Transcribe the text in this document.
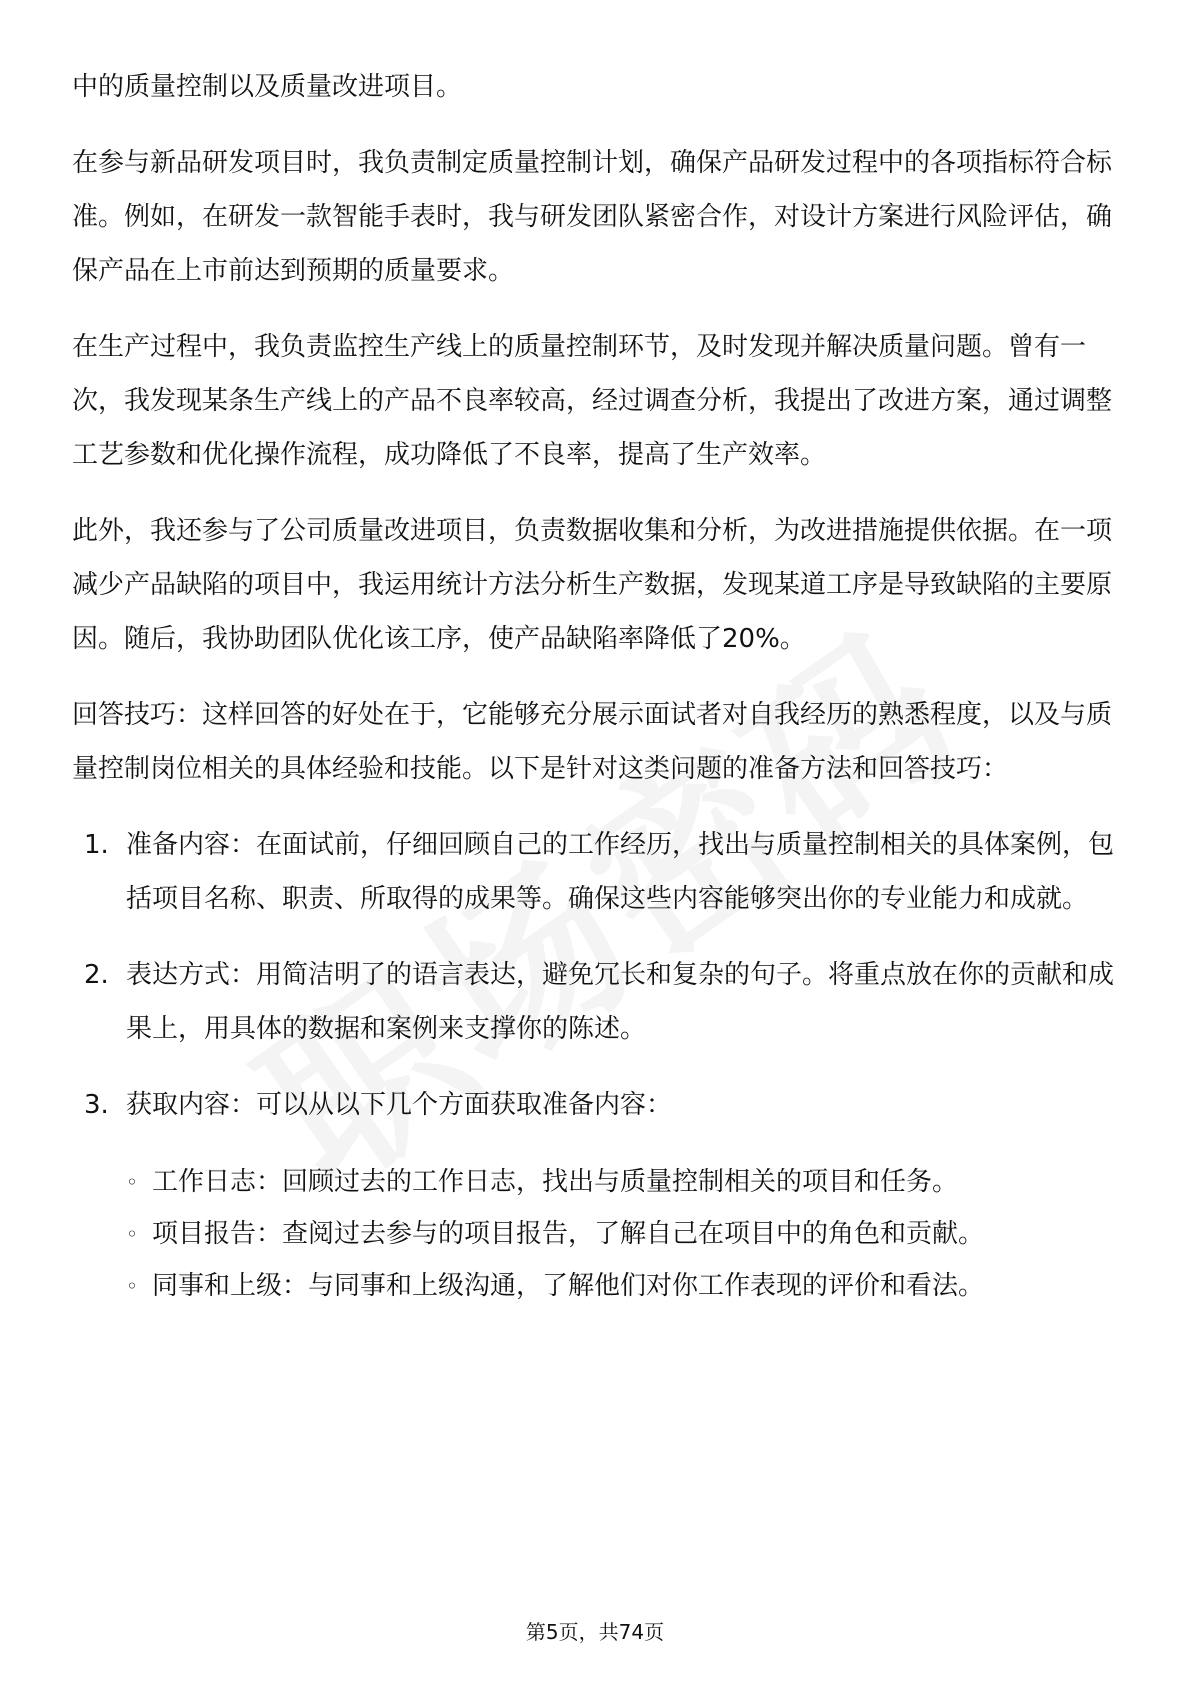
中的质量控制以及质量改进项目。

在参与新品研发项目时，我负责制定质量控制计划，确保产品研发过程中的各项指标符合标准。例如，在研发一款智能手表时，我与研发团队紧密合作，对设计方案进行风险评估，确保产品在上市前达到预期的质量要求。

在生产过程中，我负责监控生产线上的质量控制环节，及时发现并解决质量问题。曾有一次，我发现某条生产线上的产品不良率较高，经过调查分析，我提出了改进方案，通过调整工艺参数和优化操作流程，成功降低了不良率，提高了生产效率。

此外，我还参与了公司质量改进项目，负责数据收集和分析，为改进措施提供依据。在一项减少产品缺陷的项目中，我运用统计方法分析生产数据，发现某道工序是导致缺陷的主要原因。随后，我协助团队优化该工序，使产品缺陷率降低了20%。

回答技巧：这样回答的好处在于，它能够充分展示面试者对自我经历的熟悉程度，以及与质量控制岗位相关的具体经验和技能。以下是针对这类问题的准备方法和回答技巧：

1. 准备内容：在面试前，仔细回顾自己的工作经历，找出与质量控制相关的具体案例，包括项目名称、职责、所取得的成果等。确保这些内容能够突出你的专业能力和成就。
2. 表达方式：用简洁明了的语言表达，避免冗长和复杂的句子。将重点放在你的贡献和成果上，用具体的数据和案例来支撑你的陈述。
3. 获取内容：可以从以下几个方面获取准备内容：
◦ 工作日志：回顾过去的工作日志，找出与质量控制相关的项目和任务。
◦ 项目报告：查阅过去参与的项目报告，了解自己在项目中的角色和贡献。
◦ 同事和上级：与同事和上级沟通，了解他们对你工作表现的评价和看法。
第5页，共74页
